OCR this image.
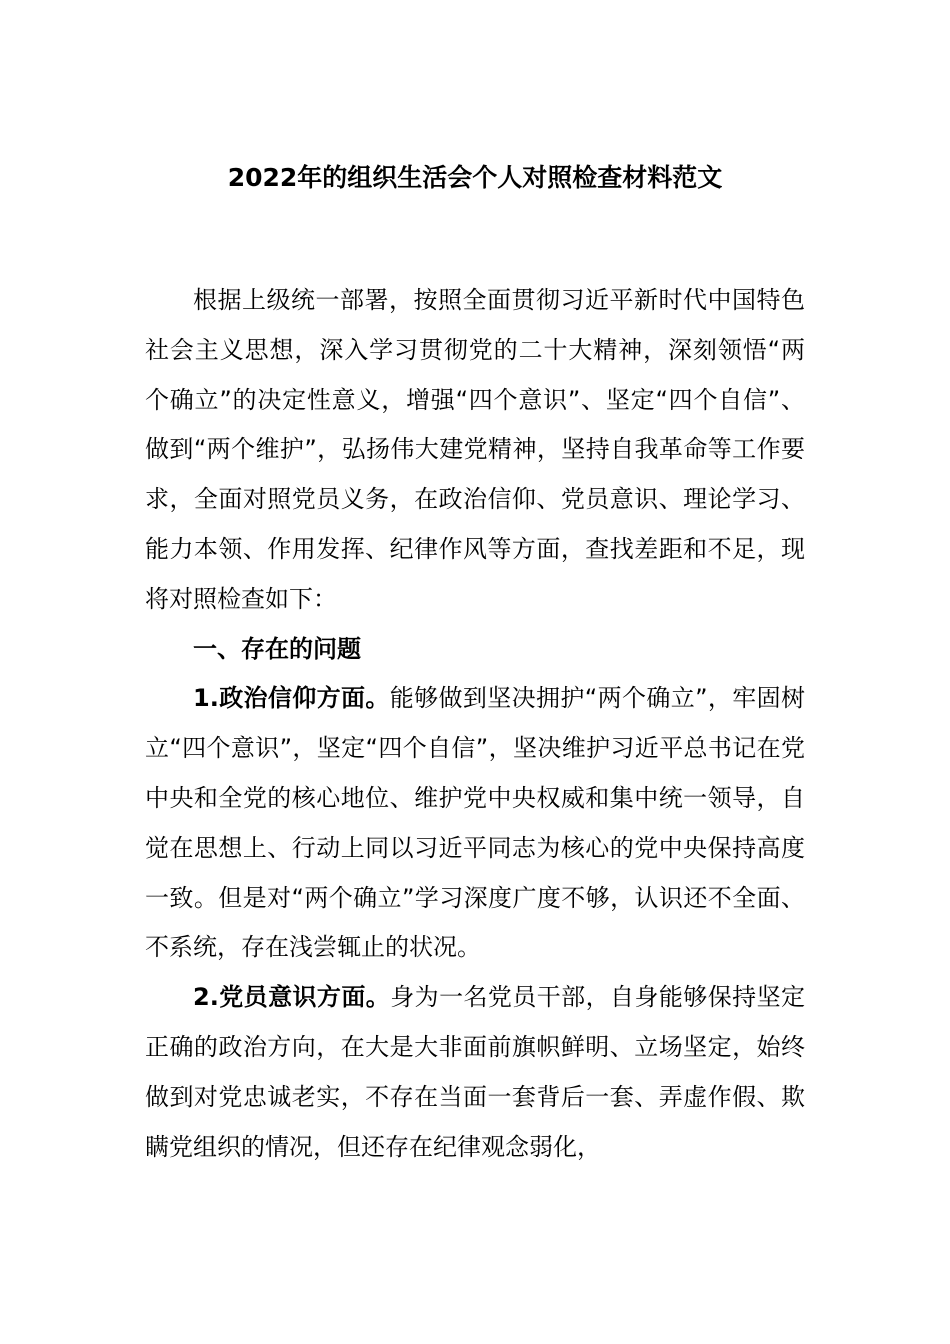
2022年的组织生活会个人对照检查材料范文

根据上级统一部署，按照全面贯彻习近平新时代中国特色社会主义思想，深入学习贯彻党的二十大精神，深刻领悟“两个确立”的决定性意义，增强“四个意识”、坚定“四个自信”、做到“两个维护”，弘扬伟大建党精神，坚持自我革命等工作要求，全面对照党员义务，在政治信仰、党员意识、理论学习、能力本领、作用发挥、纪律作风等方面，查找差距和不足，现将对照检查如下：

一、存在的问题

1.政治信仰方面。能够做到坚决拥护“两个确立”，牢固树立“四个意识”，坚定“四个自信”，坚决维护习近平总书记在党中央和全党的核心地位、维护党中央权威和集中统一领导，自觉在思想上、行动上同以习近平同志为核心的党中央保持高度一致。但是对“两个确立”学习深度广度不够，认识还不全面、不系统，存在浅尝辄止的状况。

2.党员意识方面。身为一名党员干部，自身能够保持坚定正确的政治方向，在大是大非面前旗帜鲜明、立场坚定，始终做到对党忠诚老实，不存在当面一套背后一套、弄虚作假、欺瞒党组织的情况，但还存在纪律观念弱化，
